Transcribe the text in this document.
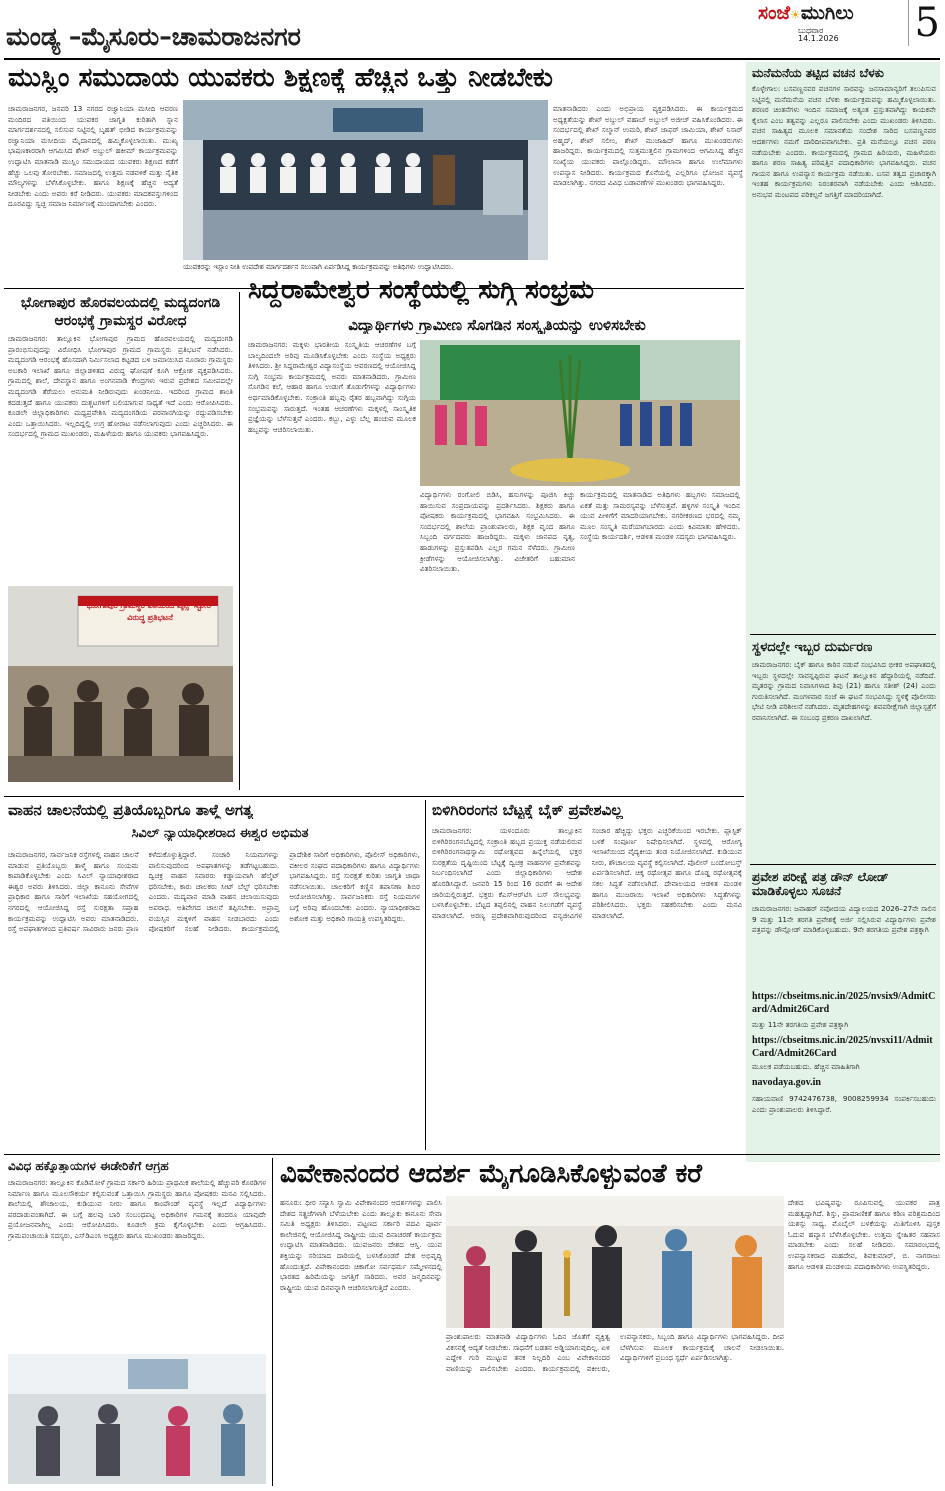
ಮಂಡ್ಯ –ಮೈಸೂರು–ಚಾಮರಾಜನಗರ
ಸಂಜೆ☀ಮುಗಿಲು
ಬುಧವಾರ
14.1.2026 5
ಮುಸ್ಲಿಂ ಸಮುದಾಯ ಯುವಕರು ಶಿಕ್ಷಣಕ್ಕೆ ಹೆಚ್ಚಿನ ಒತ್ತು ನೀಡಬೇಕು
ಚಾಮರಾಜನಗರ, ಜನವರಿ 13 ನಗರದ ರಜ್ವಾನಿಯಾ ಮಸೀದಿ ಆವರಣ ಮಂದಿರದ ವತಿಯಿಂದ ಯುವಕರ ಜಾಗೃತಿ ಕುರಿತಾಗಿ ಸ್ನಾನ ಮಾರ್ಗದರ್ಶನದಲ್ಲಿ ಸಲಿಸುವ ನಿಟ್ಟಿನಲ್ಲಿ ಬೃಹತ್ ಭೀಡಿದ ಕಾರ್ಯಕ್ರಮವನ್ನು ರಜ್ವಾನಿಯಾ ಮಸೀದಿಯ ಮೈದಾನದಲ್ಲಿ ಹಮ್ಮಿಕೊಳ್ಳಲಾಯಿತು. ಮುಖ್ಯ ಭಾಷಣಕಾರರಾಗಿ ಆಗಮಿಸಿದ ಶೇಖ್ ಅಬ್ದುಲ್ ಹಕೀಮ್ ಕಾರ್ಯಕ್ರಮವನ್ನು ಉದ್ಘಾಟಿಸಿ ಮಾತನಾಡಿ ಮುಸ್ಲಿಂ ಸಮುದಾಯದ ಯುವಕರು ಶಿಕ್ಷಣದ ಕಡೆಗೆ ಹೆಚ್ಚು ಒಲವು ತೋರಬೇಕು. ಸಮಾಜದಲ್ಲಿ ಉತ್ತಮ ನಡವಳಿಕೆ ಮತ್ತು ನೈತಿಕ ಮೌಲ್ಯಗಳನ್ನು ಬೆಳೆಸಿಕೊಳ್ಳಬೇಕು. ಹಾಗೂ ಶಿಕ್ಷಣಕ್ಕೆ ಹೆಚ್ಚಿನ ಆದ್ಯತೆ ನೀಡಬೇಕು ಎಂದು ಅವರು ಕರೆ ನೀಡಿದರು. ಯುವಕರು ಮಾದಕವಸ್ತುಗಳಿಂದ ದೂರವಿದ್ದು ಸ್ವಚ್ಛ ಸಮಾಜ ನಿರ್ಮಾಣಕ್ಕೆ ಮುಂದಾಗಬೇಕು ಎಂದರು.
ಯುವಕರನ್ನು ಇಸ್ಲಾಂ ನೀತಿ ಉಪದೇಶ ಮಾರ್ಗದರ್ಶನ ಸಲುವಾಗಿ ಏರ್ಪಡಿಸಿದ್ದ ಕಾರ್ಯಕ್ರಮವನ್ನು ಅತಿಥಿಗಳು ಉದ್ಘಾಟಿಸಿದರು.
ಮಾತನಾಡಿದರು ಎಂದು ಅಭಿಪ್ರಾಯ ವ್ಯಕ್ತಪಡಿಸಿದರು. ಈ ಕಾರ್ಯಕ್ರಮದ ಅಧ್ಯಕ್ಷತೆಯನ್ನು ಶೇಖ್ ಅಬ್ದುಲ್ ವಹಾಬ್ ಅಬ್ದುಲ್ ಅಜೀಜ್ ವಹಿಸಿಕೊಂಡಿದರು. ಈ ಸಂದರ್ಭದಲ್ಲಿ ಶೇಖ್ ಸಲ್ಮಾನ್ ಉಮರಿ, ಶೇಖ್ ಜಾಫರ್ ಜಾಮಿಯಾ, ಶೇಖ್ ನಿಸಾರ್ ಅಹ್ಮದ್, ಶೇಖ್ ಸಲೀಂ, ಶೇಖ್ ಮುಜಾಹಿದ್ ಹಾಗೂ ಮುಖಂಡರುಗಳು ಹಾಜರಿದ್ದರು. ಕಾರ್ಯಕ್ರಮದಲ್ಲಿ ಸುತ್ತಮುತ್ತಲಿನ ಗ್ರಾಮಗಳಿಂದ ಆಗಮಿಸಿದ್ದ ಹೆಚ್ಚಿನ ಸಂಖ್ಯೆಯ ಯುವಕರು ಪಾಲ್ಗೊಂಡಿದ್ದರು. ಮೌಲಾನಾ ಹಾಗೂ ಉಲೆಮಾಗಳು ಉಪನ್ಯಾಸ ನೀಡಿದರು. ಕಾರ್ಯಕ್ರಮದ ಕೊನೆಯಲ್ಲಿ ಎಲ್ಲರಿಗೂ ಭೋಜನ ವ್ಯವಸ್ಥೆ ಮಾಡಲಾಗಿತ್ತು. ನಗರದ ವಿವಿಧ ಬಡಾವಣೆಗಳ ಮುಖಂಡರು ಭಾಗವಹಿಸಿದ್ದರು.
ಭೋಗಾಪುರ ಹೊರವಲಯದಲ್ಲಿ ಮದ್ಯದಂಗಡಿ ಆರಂಭಕ್ಕೆ ಗ್ರಾಮಸ್ಥರ ವಿರೋಧ
ಚಾಮರಾಜನಗರ: ತಾಲ್ಲೂಕಿನ ಭೋಗಾಪುರ ಗ್ರಾಮದ ಹೊರವಲಯದಲ್ಲಿ ಮದ್ಯದಂಗಡಿ ಪ್ರಾರಂಭಿಸುವುದನ್ನು ವಿರೋಧಿಸಿ ಭೋಗಾಪುರ ಗ್ರಾಮದ ಗ್ರಾಮಸ್ಥರು ಪ್ರತಿಭಟನೆ ನಡೆಸಿದರು. ಮದ್ಯದಂಗಡಿ ಆರಂಭಕ್ಕೆ ಹೊಸದಾಗಿ ನಿರ್ಮಿಸಲಾದ ಕಟ್ಟಡದ ಬಳಿ ಜಮಾಯಿಸಿದ ನೂರಾರು ಗ್ರಾಮಸ್ಥರು ಅಬಕಾರಿ ಇಲಾಖೆ ಹಾಗೂ ಜಿಲ್ಲಾಡಳಿತದ ವಿರುದ್ಧ ಘೋಷಣೆ ಕೂಗಿ ಆಕ್ರೋಶ ವ್ಯಕ್ತಪಡಿಸಿದರು. ಗ್ರಾಮದಲ್ಲಿ ಶಾಲೆ, ದೇವಸ್ಥಾನ ಹಾಗೂ ಅಂಗನವಾಡಿ ಕೇಂದ್ರಗಳು ಇರುವ ಪ್ರದೇಶದ ಸಮೀಪದಲ್ಲೇ ಮದ್ಯದಂಗಡಿ ತೆರೆಯಲು ಅನುಮತಿ ನೀಡಿರುವುದು ಖಂಡನೀಯ. ಇದರಿಂದ ಗ್ರಾಮದ ಶಾಂತಿ ಕದಡುತ್ತದೆ ಹಾಗೂ ಯುವಕರು ದುಶ್ಚಟಗಳಿಗೆ ಬಲಿಯಾಗುವ ಸಾಧ್ಯತೆ ಇದೆ ಎಂದು ಆರೋಪಿಸಿದರು. ಕೂಡಲೇ ಜಿಲ್ಲಾಧಿಕಾರಿಗಳು ಮಧ್ಯಪ್ರವೇಶಿಸಿ ಮದ್ಯದಂಗಡಿಯ ಪರವಾನಗಿಯನ್ನು ರದ್ದುಪಡಿಸಬೇಕು ಎಂದು ಒತ್ತಾಯಿಸಿದರು. ಇಲ್ಲದಿದ್ದಲ್ಲಿ ಉಗ್ರ ಹೋರಾಟ ನಡೆಸಲಾಗುವುದು ಎಂದು ಎಚ್ಚರಿಸಿದರು. ಈ ಸಂದರ್ಭದಲ್ಲಿ ಗ್ರಾಮದ ಮುಖಂಡರು, ಮಹಿಳೆಯರು ಹಾಗೂ ಯುವಕರು ಭಾಗವಹಿಸಿದ್ದರು.
ಭೋಗಾಪುರ ಗ್ರಾಮಸ್ಥರ ವತಿಯಿಂದ ವೈನ್ಸ್ ಸ್ಟೋರ್ ವಿರುದ್ಧ ಪ್ರತಿಭಟನೆ
ಸಿದ್ದರಾಮೇಶ್ವರ ಸಂಸ್ಥೆಯಲ್ಲಿ ಸುಗ್ಗಿ ಸಂಭ್ರಮ
ವಿದ್ಯಾರ್ಥಿಗಳು ಗ್ರಾಮೀಣ ಸೊಗಡಿನ ಸಂಸ್ಕೃತಿಯನ್ನು ಉಳಿಸಬೇಕು
ಚಾಮರಾಜನಗರ: ಮಕ್ಕಳು ಭಾರತೀಯ ಸಂಸ್ಕೃತಿಯ ಆಚರಣೆಗಳ ಬಗ್ಗೆ ಬಾಲ್ಯದಿಂದಲೇ ಅರಿವು ಮೂಡಿಸಿಕೊಳ್ಳಬೇಕು ಎಂದು ಸಂಸ್ಥೆಯ ಅಧ್ಯಕ್ಷರು ತಿಳಿಸಿದರು. ಶ್ರೀ ಸಿದ್ದರಾಮೇಶ್ವರ ವಿದ್ಯಾಸಂಸ್ಥೆಯ ಆವರಣದಲ್ಲಿ ಆಯೋಜಿಸಿದ್ದ ಸುಗ್ಗಿ ಸಂಭ್ರಮ ಕಾರ್ಯಕ್ರಮದಲ್ಲಿ ಅವರು ಮಾತನಾಡಿದರು. ಗ್ರಾಮೀಣ ಸೊಗಡಿನ ಕಲೆ, ಆಹಾರ ಹಾಗೂ ಉಡುಗೆ ತೊಡುಗೆಗಳನ್ನು ವಿದ್ಯಾರ್ಥಿಗಳು ಅರ್ಥಮಾಡಿಕೊಳ್ಳಬೇಕು. ಸಂಕ್ರಾಂತಿ ಹಬ್ಬವು ರೈತರ ಹಬ್ಬವಾಗಿದ್ದು ಸುಗ್ಗಿಯ ಸಂಭ್ರಮವನ್ನು ಸಾರುತ್ತದೆ. ಇಂತಹ ಆಚರಣೆಗಳು ಮಕ್ಕಳಲ್ಲಿ ಸಾಂಸ್ಕೃತಿಕ ಪ್ರಜ್ಞೆಯನ್ನು ಬೆಳೆಸುತ್ತವೆ ಎಂದರು. ಕಬ್ಬು, ಎಳ್ಳು ಬೆಲ್ಲ ಹಂಚುವ ಮೂಲಕ ಹಬ್ಬವನ್ನು ಆಚರಿಸಲಾಯಿತು.
ವಿದ್ಯಾರ್ಥಿಗಳು ರಂಗೋಲಿ ಬಿಡಿಸಿ, ಹಸುಗಳನ್ನು ಪೂಜಿಸಿ ಕಿಚ್ಚು ಹಾಯಿಸುವ ಸಂಪ್ರದಾಯವನ್ನು ಪ್ರದರ್ಶಿಸಿದರು. ಶಿಕ್ಷಕರು ಹಾಗೂ ಪೋಷಕರು ಕಾರ್ಯಕ್ರಮದಲ್ಲಿ ಭಾಗವಹಿಸಿ ಸಂಭ್ರಮಿಸಿದರು. ಈ ಸಂದರ್ಭದಲ್ಲಿ ಶಾಲೆಯ ಪ್ರಾಂಶುಪಾಲರು, ಶಿಕ್ಷಕ ವೃಂದ ಹಾಗೂ ಸಿಬ್ಬಂದಿ ವರ್ಗದವರು ಹಾಜರಿದ್ದರು. ಮಕ್ಕಳು ಜಾನಪದ ನೃತ್ಯ, ಹಾಡುಗಳನ್ನು ಪ್ರಸ್ತುತಪಡಿಸಿ ಎಲ್ಲರ ಗಮನ ಸೆಳೆದರು. ಗ್ರಾಮೀಣ ಕ್ರೀಡೆಗಳನ್ನು ಆಯೋಜಿಸಲಾಗಿತ್ತು. ವಿಜೇತರಿಗೆ ಬಹುಮಾನ ವಿತರಿಸಲಾಯಿತು.
ಕಾರ್ಯಕ್ರಮದಲ್ಲಿ ಮಾತನಾಡಿದ ಅತಿಥಿಗಳು ಹಬ್ಬಗಳು ಸಮಾಜದಲ್ಲಿ ಏಕತೆ ಮತ್ತು ಸಾಮರಸ್ಯವನ್ನು ಬೆಳೆಸುತ್ತವೆ. ಹಳ್ಳಿಗಳ ಸಂಸ್ಕೃತಿ ಇಂದಿನ ಯುವ ಪೀಳಿಗೆಗೆ ಮಾದರಿಯಾಗಬೇಕು. ನಗರೀಕರಣದ ಭರದಲ್ಲಿ ನಮ್ಮ ಮೂಲ ಸಂಸ್ಕೃತಿ ಮರೆಯಾಗಬಾರದು ಎಂದು ಕಿವಿಮಾತು ಹೇಳಿದರು. ಸಂಸ್ಥೆಯ ಕಾರ್ಯದರ್ಶಿ, ಆಡಳಿತ ಮಂಡಳಿ ಸದಸ್ಯರು ಭಾಗವಹಿಸಿದ್ದರು.
ಮನೆಮನೆಯ ತಟ್ಟಿದ ವಚನ ಬೆಳಕು
ಕೊಳ್ಳೇಗಾಲ: ಬಸವಣ್ಣನವರ ವಚನಗಳ ಸಾರವನ್ನು ಜನಸಾಮಾನ್ಯರಿಗೆ ತಲುಪಿಸುವ ನಿಟ್ಟಿನಲ್ಲಿ ಮನೆಮನೆಯ ವಚನ ಬೆಳಕು ಕಾರ್ಯಕ್ರಮವನ್ನು ಹಮ್ಮಿಕೊಳ್ಳಲಾಯಿತು. ಶರಣರ ಚಿಂತನೆಗಳು ಇಂದಿನ ಸಮಾಜಕ್ಕೆ ಅತ್ಯಂತ ಪ್ರಸ್ತುತವಾಗಿದ್ದು ಕಾಯಕವೇ ಕೈಲಾಸ ಎಂಬ ತತ್ವವನ್ನು ಎಲ್ಲರೂ ಪಾಲಿಸಬೇಕು ಎಂದು ಮುಖಂಡರು ತಿಳಿಸಿದರು. ವಚನ ಸಾಹಿತ್ಯದ ಮೂಲಕ ಸಮಾನತೆಯ ಸಂದೇಶ ಸಾರಿದ ಬಸವಣ್ಣನವರ ಆದರ್ಶಗಳು ನಮಗೆ ದಾರಿದೀಪವಾಗಬೇಕು. ಪ್ರತಿ ಮನೆಯಲ್ಲೂ ವಚನ ಪಠಣ ನಡೆಯಬೇಕು ಎಂದರು. ಕಾರ್ಯಕ್ರಮದಲ್ಲಿ ಗ್ರಾಮದ ಹಿರಿಯರು, ಮಹಿಳೆಯರು ಹಾಗೂ ಶರಣ ಸಾಹಿತ್ಯ ಪರಿಷತ್ತಿನ ಪದಾಧಿಕಾರಿಗಳು ಭಾಗವಹಿಸಿದ್ದರು. ವಚನ ಗಾಯನ ಹಾಗೂ ಉಪನ್ಯಾಸ ಕಾರ್ಯಕ್ರಮ ನಡೆಯಿತು. ಬಸವ ತತ್ವದ ಪ್ರಚಾರಕ್ಕಾಗಿ ಇಂತಹ ಕಾರ್ಯಕ್ರಮಗಳು ನಿರಂತರವಾಗಿ ನಡೆಯಬೇಕು ಎಂದು ಆಶಿಸಿದರು. ಅನುಭವ ಮಂಟಪದ ಪರಿಕಲ್ಪನೆ ಜಗತ್ತಿಗೆ ಮಾದರಿಯಾಗಿದೆ.
ಸ್ಥಳದಲ್ಲೇ ಇಬ್ಬರ ದುರ್ಮರಣ
ಚಾಮರಾಜನಗರ: ಬೈಕ್ ಹಾಗೂ ಕಾರಿನ ನಡುವೆ ಸಂಭವಿಸಿದ ಭೀಕರ ಅಪಘಾತದಲ್ಲಿ ಇಬ್ಬರು ಸ್ಥಳದಲ್ಲೇ ಸಾವನ್ನಪ್ಪಿರುವ ಘಟನೆ ತಾಲ್ಲೂಕಿನ ಹೆದ್ದಾರಿಯಲ್ಲಿ ನಡೆದಿದೆ. ಮೃತರನ್ನು ಗ್ರಾಮದ ನಿವಾಸಿಗಳಾದ ಶಿವು (21) ಹಾಗೂ ಸತೀಶ್ (24) ಎಂದು ಗುರುತಿಸಲಾಗಿದೆ. ಮಂಗಳವಾರ ಸಂಜೆ ಈ ಘಟನೆ ಸಂಭವಿಸಿದ್ದು ಸ್ಥಳಕ್ಕೆ ಪೊಲೀಸರು ಭೇಟಿ ನೀಡಿ ಪರಿಶೀಲನೆ ನಡೆಸಿದರು. ಮೃತದೇಹಗಳನ್ನು ಶವಪರೀಕ್ಷೆಗಾಗಿ ಜಿಲ್ಲಾಸ್ಪತ್ರೆಗೆ ರವಾನಿಸಲಾಗಿದೆ. ಈ ಸಂಬಂಧ ಪ್ರಕರಣ ದಾಖಲಾಗಿದೆ.
ಪ್ರವೇಶ ಪರೀಕ್ಷೆ ಪತ್ರ ಡೌನ್ ಲೋಡ್ ಮಾಡಿಕೊಳ್ಳಲು ಸೂಚನೆ
ಚಾಮರಾಜನಗರ: ಜವಾಹರ್ ನವೋದಯ ವಿದ್ಯಾಲಯದ 2026–27ನೇ ಸಾಲಿನ 9 ಮತ್ತು 11ನೇ ತರಗತಿ ಪ್ರವೇಶಕ್ಕೆ ಅರ್ಜಿ ಸಲ್ಲಿಸಿರುವ ವಿದ್ಯಾರ್ಥಿಗಳು ಪ್ರವೇಶ ಪತ್ರವನ್ನು ಡೌನ್ಲೋಡ್ ಮಾಡಿಕೊಳ್ಳಬಹುದು. 9ನೇ ತರಗತಿಯ ಪ್ರವೇಶ ಪತ್ರಕ್ಕಾಗಿ
https://cbseitms.nic.in/2025/nvsix9/AdmitCard/Admit26Card
ಮತ್ತು 11ನೇ ತರಗತಿಯ ಪ್ರವೇಶ ಪತ್ರಕ್ಕಾಗಿ
https://cbseitms.nic.in/2025/nvsxi11/AdmitCard/Admit26Card
ಮೂಲಕ ಪಡೆಯಬಹುದು. ಹೆಚ್ಚಿನ ಮಾಹಿತಿಗಾಗಿ
navodaya.gov.in
ಸಹಾಯವಾಣಿ 9742476738, 9008259934 ಸಂಪರ್ಕಿಸಬಹುದು ಎಂದು ಪ್ರಾಂಶುಪಾಲರು ತಿಳಿಸಿದ್ದಾರೆ.
ವಾಹನ ಚಾಲನೆಯಲ್ಲಿ ಪ್ರತಿಯೊಬ್ಬರಿಗೂ ತಾಳ್ಮೆ ಅಗತ್ಯ
ಸಿವಿಲ್ ನ್ಯಾಯಾಧೀಶರಾದ ಈಶ್ವರ ಅಭಿಮತ
ಚಾಮರಾಜನಗರ, ಸಾರ್ವಜನಿಕ ರಸ್ತೆಗಳಲ್ಲಿ ವಾಹನ ಚಾಲನೆ ಮಾಡುವ ಪ್ರತಿಯೊಬ್ಬರು ತಾಳ್ಮೆ ಹಾಗೂ ಸಂಯಮ ಕಾಪಾಡಿಕೊಳ್ಳಬೇಕು ಎಂದು ಸಿವಿಲ್ ನ್ಯಾಯಾಧೀಶರಾದ ಈಶ್ವರ ಅವರು ತಿಳಿಸಿದರು. ಜಿಲ್ಲಾ ಕಾನೂನು ಸೇವೆಗಳ ಪ್ರಾಧಿಕಾರ ಹಾಗೂ ಸಾರಿಗೆ ಇಲಾಖೆಯ ಸಹಯೋಗದಲ್ಲಿ ನಗರದಲ್ಲಿ ಆಯೋಜಿಸಿದ್ದ ರಸ್ತೆ ಸುರಕ್ಷತಾ ಸಪ್ತಾಹ ಕಾರ್ಯಕ್ರಮವನ್ನು ಉದ್ಘಾಟಿಸಿ ಅವರು ಮಾತನಾಡಿದರು. ರಸ್ತೆ ಅಪಘಾತಗಳಿಂದ ಪ್ರತಿವರ್ಷ ಸಾವಿರಾರು ಜನರು ಪ್ರಾಣ ಕಳೆದುಕೊಳ್ಳುತ್ತಿದ್ದಾರೆ. ಸಂಚಾರಿ ನಿಯಮಗಳನ್ನು ಪಾಲಿಸುವುದರಿಂದ ಅಪಘಾತಗಳನ್ನು ತಡೆಗಟ್ಟಬಹುದು. ದ್ವಿಚಕ್ರ ವಾಹನ ಸವಾರರು ಕಡ್ಡಾಯವಾಗಿ ಹೆಲ್ಮೆಟ್ ಧರಿಸಬೇಕು, ಕಾರು ಚಾಲಕರು ಸೀಟ್ ಬೆಲ್ಟ್ ಧರಿಸಬೇಕು ಎಂದರು. ಮದ್ಯಪಾನ ಮಾಡಿ ವಾಹನ ಚಲಾಯಿಸುವುದು ಅಪರಾಧ. ಅತಿವೇಗದ ಚಾಲನೆ ತಪ್ಪಿಸಬೇಕು. ಅಪ್ರಾಪ್ತ ವಯಸ್ಸಿನ ಮಕ್ಕಳಿಗೆ ವಾಹನ ನೀಡಬಾರದು ಎಂದು ಪೋಷಕರಿಗೆ ಸಲಹೆ ನೀಡಿದರು. ಕಾರ್ಯಕ್ರಮದಲ್ಲಿ ಪ್ರಾದೇಶಿಕ ಸಾರಿಗೆ ಅಧಿಕಾರಿಗಳು, ಪೊಲೀಸ್ ಅಧಿಕಾರಿಗಳು, ವಕೀಲರ ಸಂಘದ ಪದಾಧಿಕಾರಿಗಳು ಹಾಗೂ ವಿದ್ಯಾರ್ಥಿಗಳು ಭಾಗವಹಿಸಿದ್ದರು. ರಸ್ತೆ ಸುರಕ್ಷತೆ ಕುರಿತು ಜಾಗೃತಿ ಜಾಥಾ ನಡೆಸಲಾಯಿತು. ಚಾಲಕರಿಗೆ ಕಣ್ಣಿನ ತಪಾಸಣಾ ಶಿಬಿರ ಆಯೋಜಿಸಲಾಗಿತ್ತು. ಸಾರ್ವಜನಿಕರು ರಸ್ತೆ ನಿಯಮಗಳ ಬಗ್ಗೆ ಅರಿವು ಹೊಂದಬೇಕು ಎಂದರು. ನ್ಯಾಯಾಧೀಶರಾದ ಅಶೋಕ ಮತ್ತು ಅಧಿಕಾರಿ ಗಾಯತ್ರಿ ಉಪಸ್ಥಿತರಿದ್ದರು.
ಬಿಳಿಗಿರಿರಂಗನ ಬೆಟ್ಟಕ್ಕೆ ಬೈಕ್ ಪ್ರವೇಶವಿಲ್ಲ
ಚಾಮರಾಜನಗರ: ಯಳಂದೂರು ತಾಲ್ಲೂಕಿನ ಬಿಳಿಗಿರಿರಂಗನಬೆಟ್ಟದಲ್ಲಿ ಸಂಕ್ರಾಂತಿ ಹಬ್ಬದ ಪ್ರಯುಕ್ತ ನಡೆಯಲಿರುವ ಬಿಳಿಗಿರಿರಂಗನಾಥಸ್ವಾಮಿ ರಥೋತ್ಸವದ ಹಿನ್ನೆಲೆಯಲ್ಲಿ ಭಕ್ತರ ಸುರಕ್ಷತೆಯ ದೃಷ್ಟಿಯಿಂದ ಬೆಟ್ಟಕ್ಕೆ ದ್ವಿಚಕ್ರ ವಾಹನಗಳ ಪ್ರವೇಶವನ್ನು ನಿರ್ಬಂಧಿಸಲಾಗಿದೆ ಎಂದು ಜಿಲ್ಲಾಧಿಕಾರಿಗಳು ಆದೇಶ ಹೊರಡಿಸಿದ್ದಾರೆ. ಜನವರಿ 15 ರಿಂದ 16 ರವರೆಗೆ ಈ ಆದೇಶ ಜಾರಿಯಲ್ಲಿರುತ್ತದೆ. ಭಕ್ತರು ಕೆಎಸ್‌ಆರ್‌ಟಿಸಿ ಬಸ್ ಸೌಲಭ್ಯವನ್ನು ಬಳಸಿಕೊಳ್ಳಬೇಕು. ಬೆಟ್ಟದ ತಪ್ಪಲಿನಲ್ಲಿ ವಾಹನ ನಿಲುಗಡೆಗೆ ವ್ಯವಸ್ಥೆ ಮಾಡಲಾಗಿದೆ. ಅರಣ್ಯ ಪ್ರದೇಶವಾಗಿರುವುದರಿಂದ ವನ್ಯಜೀವಿಗಳ ಸಂಚಾರ ಹೆಚ್ಚಿದ್ದು ಭಕ್ತರು ಎಚ್ಚರಿಕೆಯಿಂದ ಇರಬೇಕು. ಪ್ಲಾಸ್ಟಿಕ್ ಬಳಕೆ ಸಂಪೂರ್ಣ ನಿಷೇಧಿಸಲಾಗಿದೆ. ಸ್ಥಳದಲ್ಲಿ ಆರೋಗ್ಯ ಇಲಾಖೆಯಿಂದ ವೈದ್ಯಕೀಯ ತಂಡ ನಿಯೋಜಿಸಲಾಗಿದೆ. ಕುಡಿಯುವ ನೀರು, ಶೌಚಾಲಯ ವ್ಯವಸ್ಥೆ ಕಲ್ಪಿಸಲಾಗಿದೆ. ಪೊಲೀಸ್ ಬಂದೋಬಸ್ತ್ ಏರ್ಪಡಿಸಲಾಗಿದೆ. ಚಿಕ್ಕ ರಥೋತ್ಸವ ಹಾಗೂ ದೊಡ್ಡ ರಥೋತ್ಸವಕ್ಕೆ ಸಕಲ ಸಿದ್ಧತೆ ನಡೆಸಲಾಗಿದೆ. ದೇವಾಲಯದ ಆಡಳಿತ ಮಂಡಳಿ ಹಾಗೂ ಮುಜರಾಯಿ ಇಲಾಖೆ ಅಧಿಕಾರಿಗಳು ಸಿದ್ಧತೆಗಳನ್ನು ಪರಿಶೀಲಿಸಿದರು. ಭಕ್ತರು ಸಹಕರಿಸಬೇಕು ಎಂದು ಮನವಿ ಮಾಡಲಾಗಿದೆ.
ವಿವಿಧ ಹಕ್ಕೊತ್ತಾಯಗಳ ಈಡೇರಿಕೆಗೆ ಆಗ್ರಹ
ಚಾಮರಾಜನಗರ: ತಾಲ್ಲೂಕಿನ ಕೊಡಿಮೋಳೆ ಗ್ರಾಮದ ಸರ್ಕಾರಿ ಹಿರಿಯ ಪ್ರಾಥಮಿಕ ಶಾಲೆಯಲ್ಲಿ ಹೆಚ್ಚುವರಿ ಕೊಠಡಿಗಳ ನಿರ್ಮಾಣ ಹಾಗೂ ಮೂಲಸೌಕರ್ಯ ಕಲ್ಪಿಸುವಂತೆ ಒತ್ತಾಯಿಸಿ ಗ್ರಾಮಸ್ಥರು ಹಾಗೂ ಪೋಷಕರು ಮನವಿ ಸಲ್ಲಿಸಿದರು. ಶಾಲೆಯಲ್ಲಿ ಶೌಚಾಲಯ, ಕುಡಿಯುವ ನೀರು ಹಾಗೂ ಕಾಂಪೌಂಡ್ ವ್ಯವಸ್ಥೆ ಇಲ್ಲದೆ ವಿದ್ಯಾರ್ಥಿಗಳು ಪರದಾಡುವಂತಾಗಿದೆ. ಈ ಬಗ್ಗೆ ಹಲವು ಬಾರಿ ಸಂಬಂಧಪಟ್ಟ ಅಧಿಕಾರಿಗಳ ಗಮನಕ್ಕೆ ತಂದರೂ ಯಾವುದೇ ಪ್ರಯೋಜನವಾಗಿಲ್ಲ ಎಂದು ಆರೋಪಿಸಿದರು. ಕೂಡಲೇ ಕ್ರಮ ಕೈಗೊಳ್ಳಬೇಕು ಎಂದು ಆಗ್ರಹಿಸಿದರು. ಗ್ರಾಮಪಂಚಾಯಿತಿ ಸದಸ್ಯರು, ಎಸ್‌ಡಿಎಂಸಿ ಅಧ್ಯಕ್ಷರು ಹಾಗೂ ಮುಖಂಡರು ಹಾಜರಿದ್ದರು.
ವಿವೇಕಾನಂದರ ಆದರ್ಶ ಮೈಗೂಡಿಸಿಕೊಳ್ಳುವಂತೆ ಕರೆ
ಹನೂರು: ಧೀರ ಸನ್ಯಾಸಿ ಸ್ವಾಮಿ ವಿವೇಕಾನಂದರ ಆದರ್ಶಗಳನ್ನು ಪಾಲಿಸಿ ದೇಶದ ಸತ್ಪ್ರಜೆಗಳಾಗಿ ಬೆಳೆಯಬೇಕು ಎಂದು ತಾಲ್ಲೂಕು ಕಾನೂನು ಸೇವಾ ಸಮಿತಿ ಅಧ್ಯಕ್ಷರು ತಿಳಿಸಿದರು. ಪಟ್ಟಣದ ಸರ್ಕಾರಿ ಪದವಿ ಪೂರ್ವ ಕಾಲೇಜಿನಲ್ಲಿ ಆಯೋಜಿಸಿದ್ದ ರಾಷ್ಟ್ರೀಯ ಯುವ ದಿನಾಚರಣೆ ಕಾರ್ಯಕ್ರಮ ಉದ್ಘಾಟಿಸಿ ಮಾತನಾಡಿದರು. ಯುವಜನರು ದೇಶದ ಆಸ್ತಿ. ಯುವ ಶಕ್ತಿಯನ್ನು ಸರಿಯಾದ ದಾರಿಯಲ್ಲಿ ಬಳಸಿಕೊಂಡರೆ ದೇಶ ಅಭಿವೃದ್ಧಿ ಹೊಂದುತ್ತದೆ. ವಿವೇಕಾನಂದರು ಚಿಕಾಗೋ ಸರ್ವಧರ್ಮ ಸಮ್ಮೇಳನದಲ್ಲಿ ಭಾರತದ ಹಿರಿಮೆಯನ್ನು ಜಗತ್ತಿಗೆ ಸಾರಿದರು. ಅವರ ಜನ್ಮದಿನವನ್ನು ರಾಷ್ಟ್ರೀಯ ಯುವ ದಿನವನ್ನಾಗಿ ಆಚರಿಸಲಾಗುತ್ತಿದೆ ಎಂದರು.
ಪ್ರಾಂಶುಪಾಲರು ಮಾತನಾಡಿ ವಿದ್ಯಾರ್ಥಿಗಳು ಓದಿನ ಜೊತೆಗೆ ವ್ಯಕ್ತಿತ್ವ ವಿಕಸನಕ್ಕೆ ಆದ್ಯತೆ ನೀಡಬೇಕು. ಸಾಧನೆಗೆ ಬಡತನ ಅಡ್ಡಿಯಾಗುವುದಿಲ್ಲ. ಏಳಿ ಎದ್ದೇಳಿ ಗುರಿ ಮುಟ್ಟುವ ತನಕ ನಿಲ್ಲದಿರಿ ಎಂಬ ವಿವೇಕಾನಂದರ ವಾಣಿಯನ್ನು ಪಾಲಿಸಬೇಕು ಎಂದರು. ಕಾರ್ಯಕ್ರಮದಲ್ಲಿ ವಕೀಲರು, ಉಪನ್ಯಾಸಕರು, ಸಿಬ್ಬಂದಿ ಹಾಗೂ ವಿದ್ಯಾರ್ಥಿಗಳು ಭಾಗವಹಿಸಿದ್ದರು. ದೀಪ ಬೆಳಗಿಸುವ ಮೂಲಕ ಕಾರ್ಯಕ್ರಮಕ್ಕೆ ಚಾಲನೆ ನೀಡಲಾಯಿತು. ವಿದ್ಯಾರ್ಥಿಗಳಿಗೆ ಪ್ರಬಂಧ ಸ್ಪರ್ಧೆ ಏರ್ಪಡಿಸಲಾಗಿತ್ತು.
ದೇಶದ ಭವಿಷ್ಯವನ್ನು ರೂಪಿಸುವಲ್ಲಿ ಯುವಕರ ಪಾತ್ರ ಮಹತ್ವದ್ದಾಗಿದೆ. ಶಿಸ್ತು, ಪ್ರಾಮಾಣಿಕತೆ ಹಾಗೂ ಕಠಿಣ ಪರಿಶ್ರಮದಿಂದ ಯಶಸ್ಸು ಸಾಧ್ಯ. ಮೊಬೈಲ್ ಬಳಕೆಯನ್ನು ಮಿತಿಗೊಳಿಸಿ ಪುಸ್ತಕ ಓದುವ ಹವ್ಯಾಸ ಬೆಳೆಸಿಕೊಳ್ಳಬೇಕು. ಉತ್ತಮ ಸ್ನೇಹಿತರ ಸಹವಾಸ ಮಾಡಬೇಕು ಎಂದು ಸಲಹೆ ನೀಡಿದರು. ಸಮಾರಂಭದಲ್ಲಿ ಉಪನ್ಯಾಸಕರಾದ ಮಹದೇವ, ಶಿವಕುಮಾರ್, ಬಿ. ನಾಗರಾಜು ಹಾಗೂ ಆಡಳಿತ ಮಂಡಳಿಯ ಪದಾಧಿಕಾರಿಗಳು ಉಪಸ್ಥಿತರಿದ್ದರು.
